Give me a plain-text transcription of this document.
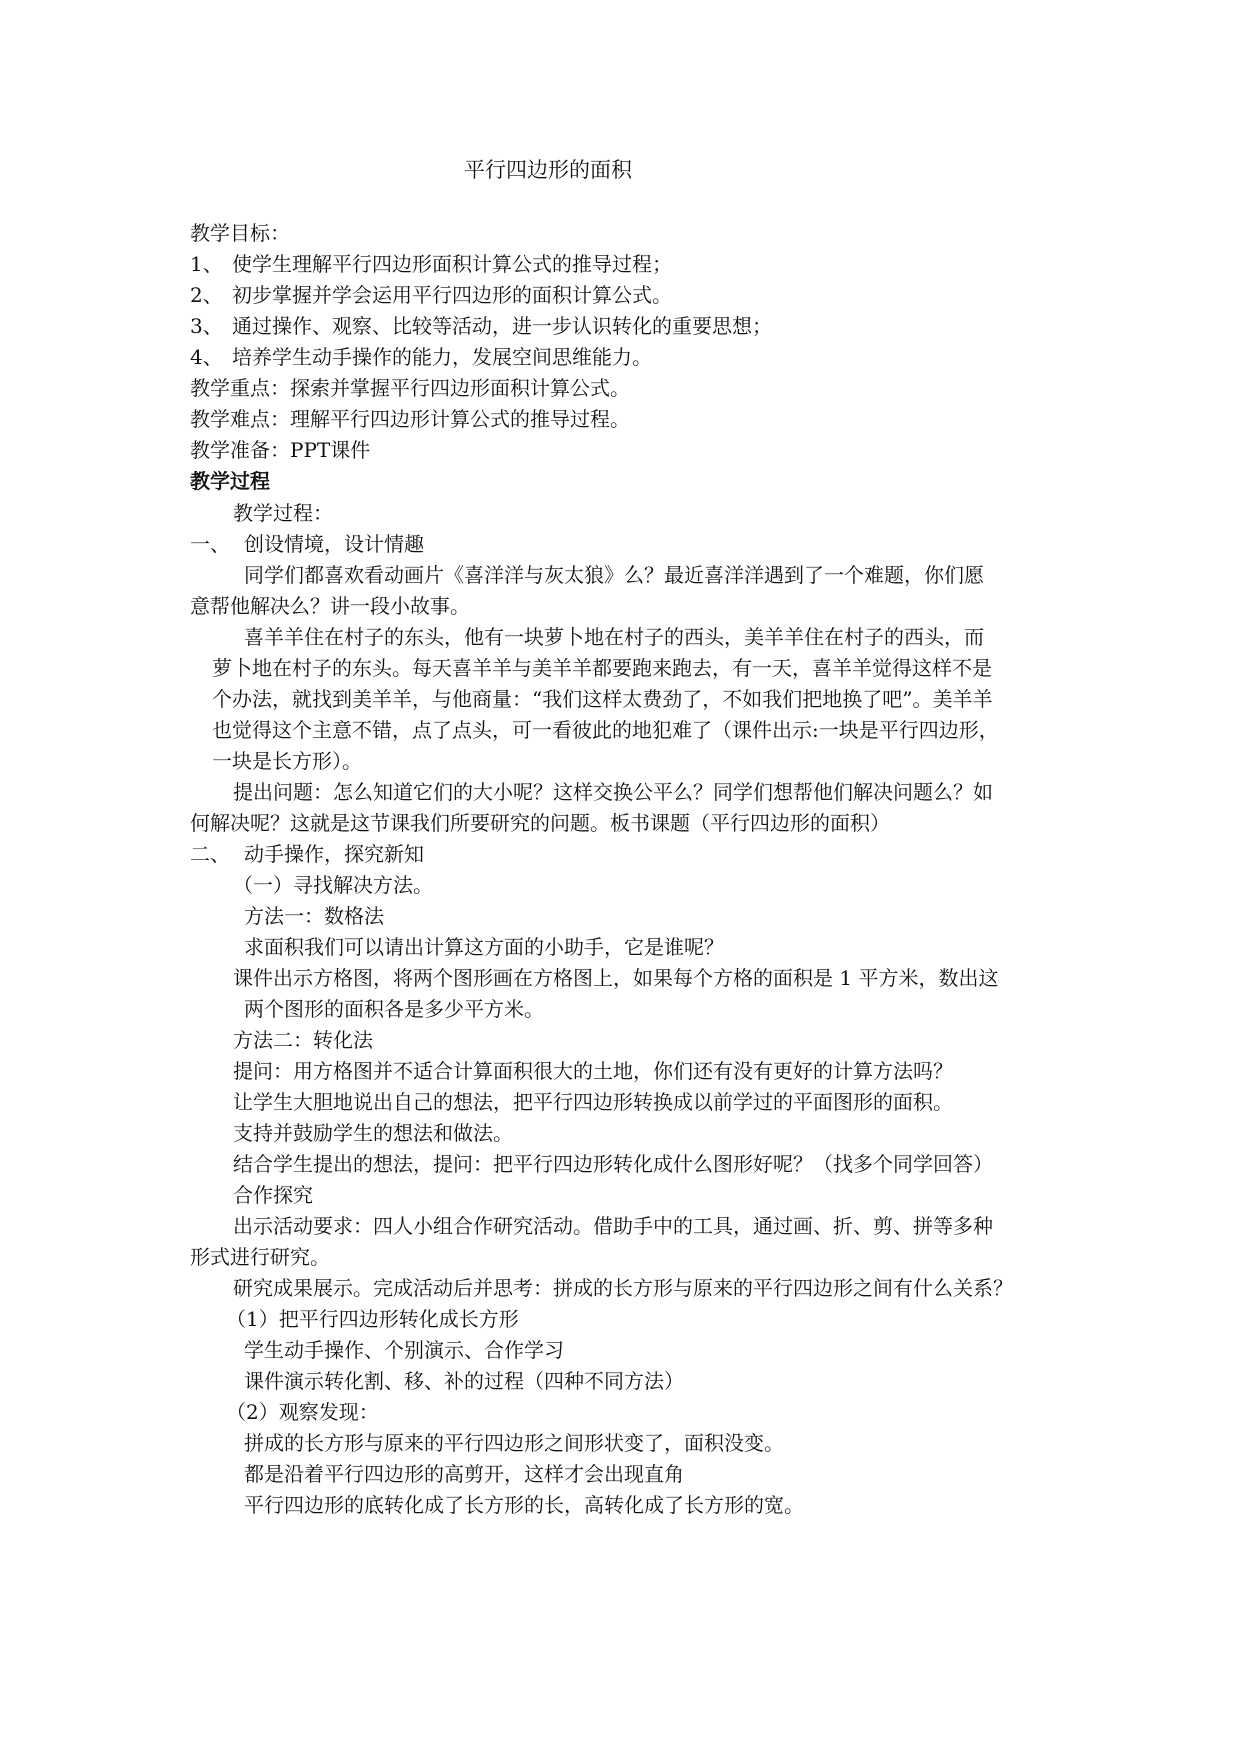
平行四边形的面积
教学目标：
1、 使学生理解平行四边形面积计算公式的推导过程；
2、 初步掌握并学会运用平行四边形的面积计算公式。
3、 通过操作、观察、比较等活动，进一步认识转化的重要思想；
4、 培养学生动手操作的能力，发展空间思维能力。
教学重点：探索并掌握平行四边形面积计算公式。
教学难点：理解平行四边形计算公式的推导过程。
教学准备：PPT课件
教学过程
教学过程：
一、 创设情境，设计情趣
同学们都喜欢看动画片《喜洋洋与灰太狼》么？最近喜洋洋遇到了一个难题，你们愿
意帮他解决么？讲一段小故事。
喜羊羊住在村子的东头，他有一块萝卜地在村子的西头，美羊羊住在村子的西头，而
萝卜地在村子的东头。每天喜羊羊与美羊羊都要跑来跑去，有一天，喜羊羊觉得这样不是
个办法，就找到美羊羊，与他商量：“我们这样太费劲了，不如我们把地换了吧”。美羊羊
也觉得这个主意不错，点了点头，可一看彼此的地犯难了（课件出示:一块是平行四边形，
一块是长方形）。
提出问题：怎么知道它们的大小呢？这样交换公平么？同学们想帮他们解决问题么？如
何解决呢？这就是这节课我们所要研究的问题。板书课题（平行四边形的面积）
二、 动手操作，探究新知
（一）寻找解决方法。
方法一：数格法
求面积我们可以请出计算这方面的小助手，它是谁呢？
课件出示方格图，将两个图形画在方格图上，如果每个方格的面积是 1 平方米，数出这
两个图形的面积各是多少平方米。
方法二：转化法
提问：用方格图并不适合计算面积很大的土地，你们还有没有更好的计算方法吗？
让学生大胆地说出自己的想法，把平行四边形转换成以前学过的平面图形的面积。
支持并鼓励学生的想法和做法。
结合学生提出的想法，提问：把平行四边形转化成什么图形好呢？（找多个同学回答）
合作探究
出示活动要求：四人小组合作研究活动。借助手中的工具，通过画、折、剪、拼等多种
形式进行研究。
研究成果展示。完成活动后并思考：拼成的长方形与原来的平行四边形之间有什么关系？
（1）把平行四边形转化成长方形
学生动手操作、个别演示、合作学习
课件演示转化割、移、补的过程（四种不同方法）
（2）观察发现：
拼成的长方形与原来的平行四边形之间形状变了，面积没变。
都是沿着平行四边形的高剪开，这样才会出现直角
平行四边形的底转化成了长方形的长，高转化成了长方形的宽。
